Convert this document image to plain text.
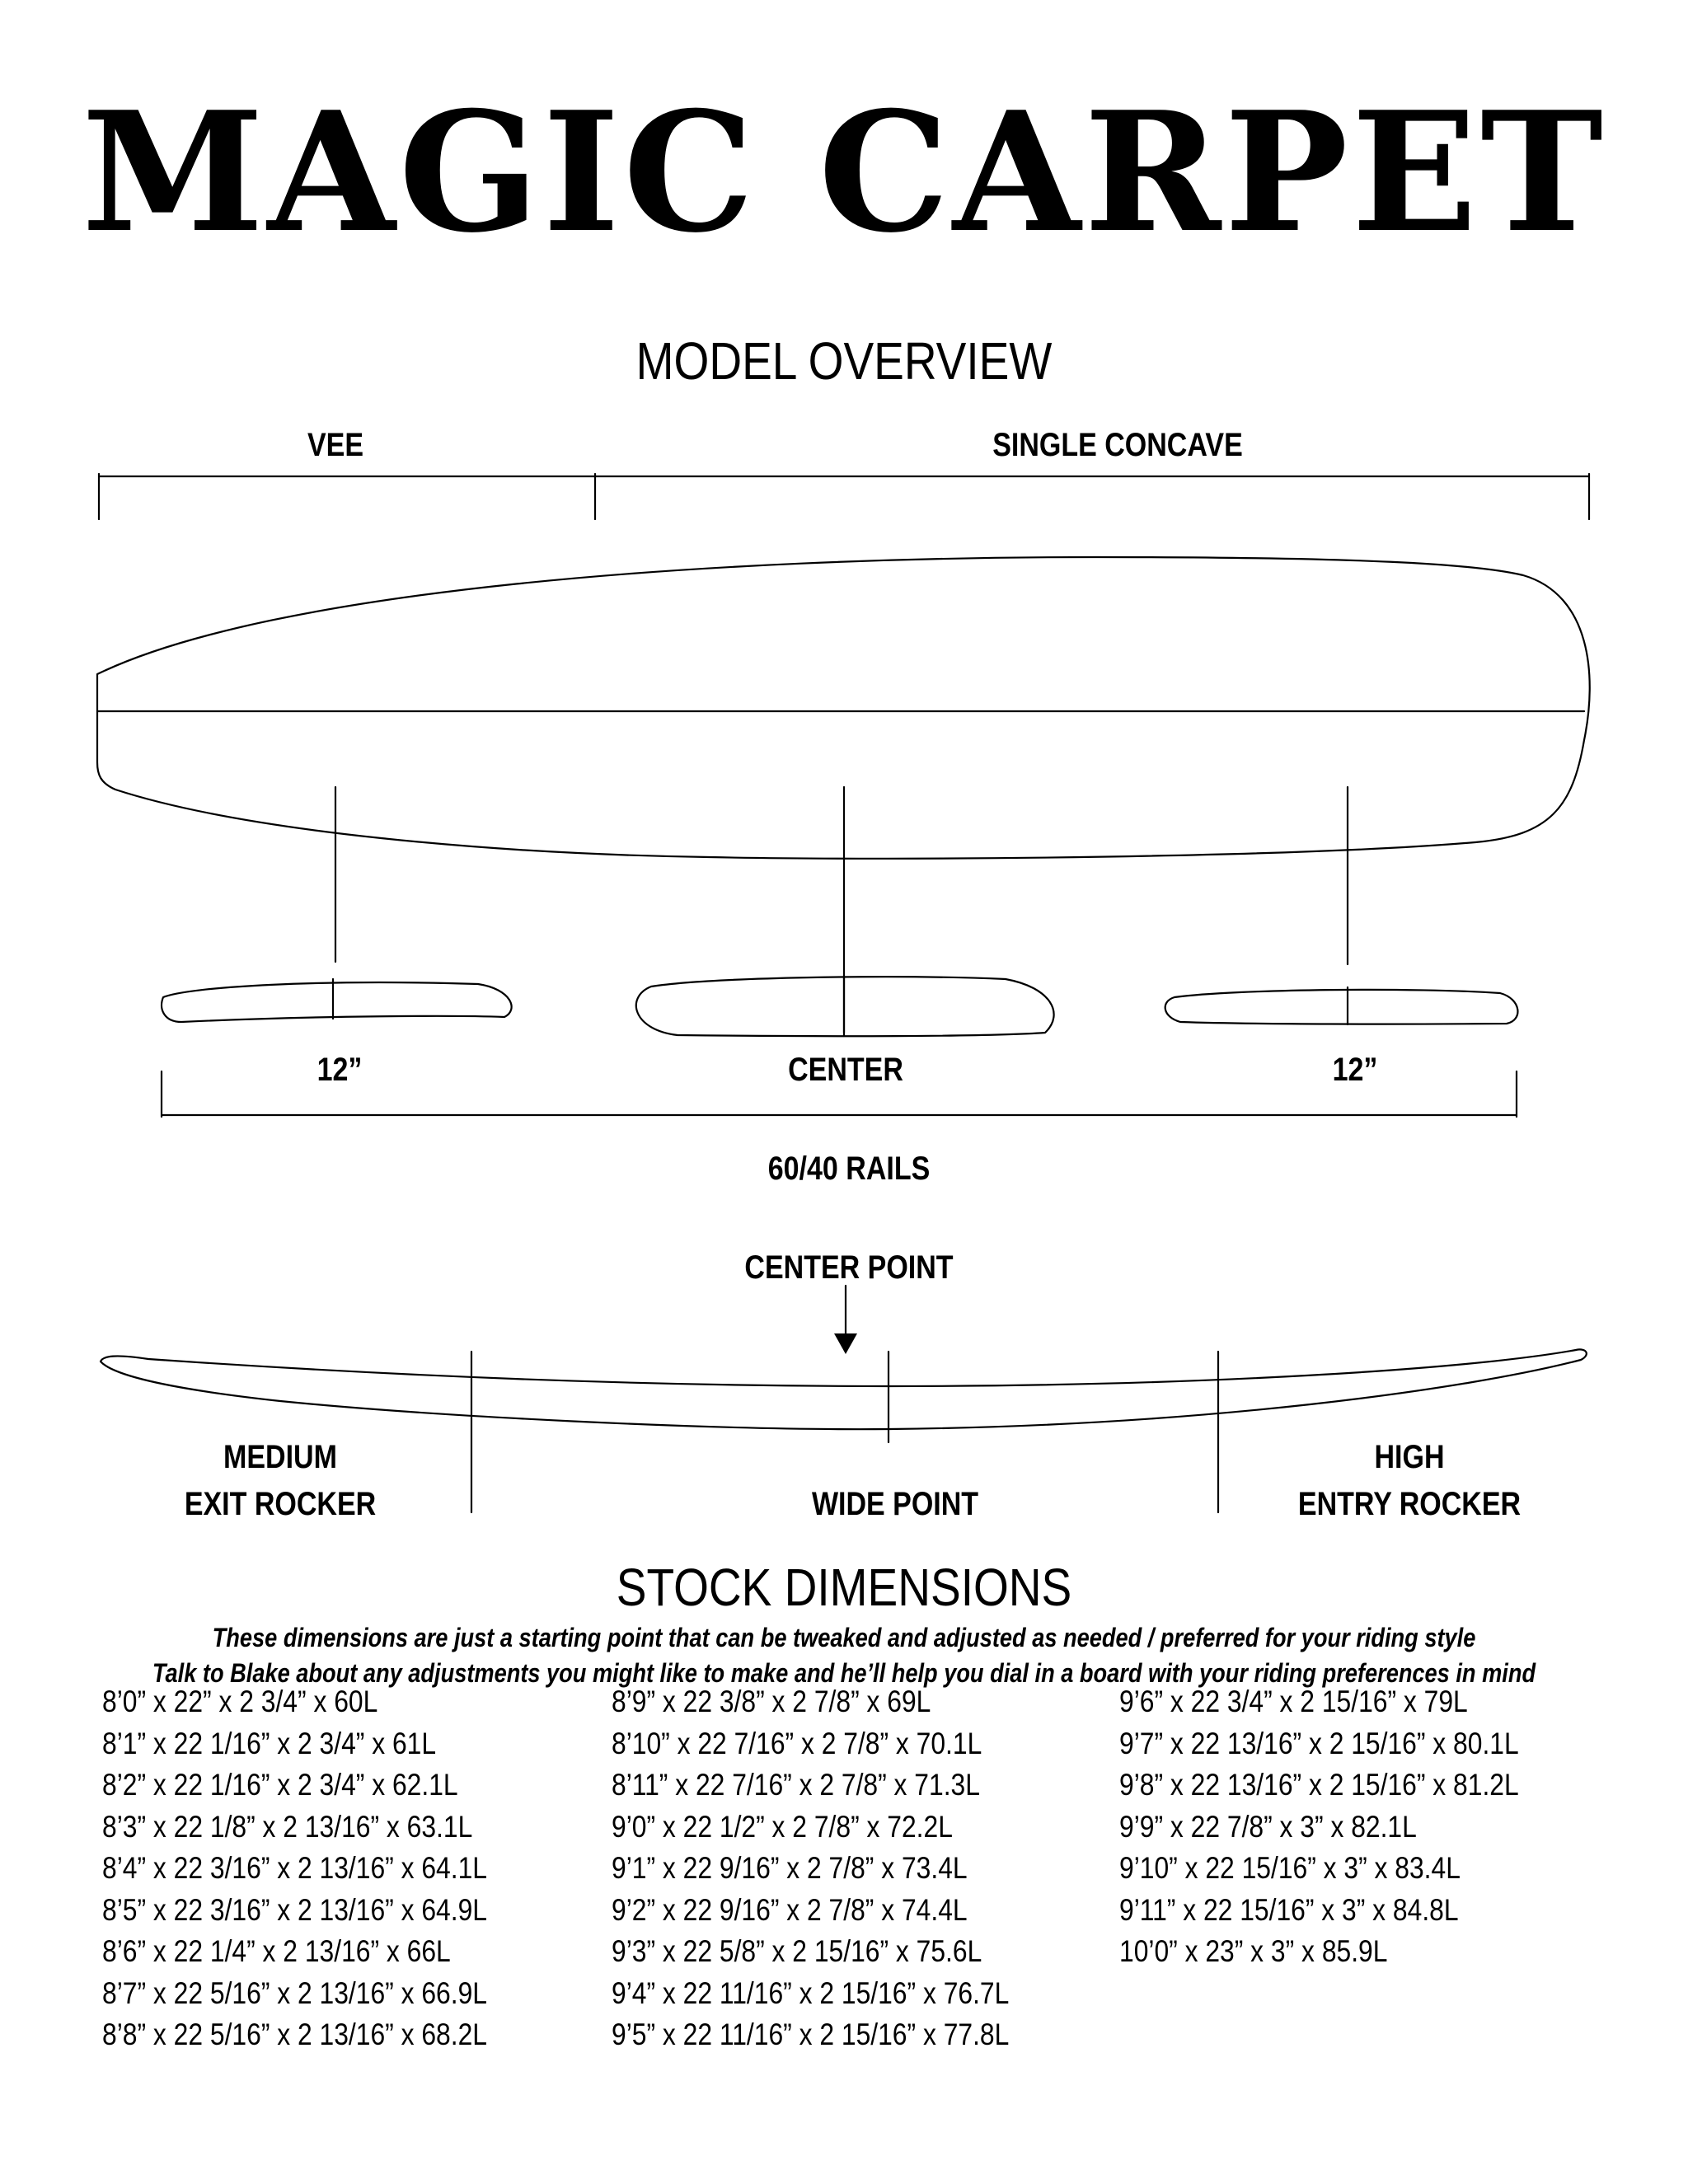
MAGIC CARPET
MODEL OVERVIEW
VEE	SINGLE CONCAVE
12”	CENTER	12”
60/40 RAILS
CENTER POINT
MEDIUM
EXIT ROCKER	WIDE POINT
HIGH
ENTRY ROCKER
STOCK DIMENSIONS
These dimensions are just a starting point that can be tweaked and adjusted as needed / preferred for your riding style
Talk to Blake about any adjustments you might like to make and he’ll help you dial in a board with your riding preferences in mind
8’0” x 22” x 2 3/4” x 60L
8’1” x 22 1/16” x 2 3/4” x 61L
8’2” x 22 1/16” x 2 3/4” x 62.1L
8’3” x 22 1/8” x 2 13/16” x 63.1L
8’4” x 22 3/16” x 2 13/16” x 64.1L
8’5” x 22 3/16” x 2 13/16” x 64.9L
8’6” x 22 1/4” x 2 13/16” x 66L
8’7” x 22 5/16” x 2 13/16” x 66.9L
8’8” x 22 5/16” x 2 13/16” x 68.2L
8’9” x 22 3/8” x 2 7/8” x 69L
8’10” x 22 7/16” x 2 7/8” x 70.1L
8’11” x 22 7/16” x 2 7/8” x 71.3L
9’0” x 22 1/2” x 2 7/8” x 72.2L
9’1” x 22 9/16” x 2 7/8” x 73.4L
9’2” x 22 9/16” x 2 7/8” x 74.4L
9’3” x 22 5/8” x 2 15/16” x 75.6L
9’4” x 22 11/16” x 2 15/16” x 76.7L
9’5” x 22 11/16” x 2 15/16” x 77.8L
9’6” x 22 3/4” x 2 15/16” x 79L
9’7” x 22 13/16” x 2 15/16” x 80.1L
9’8” x 22 13/16” x 2 15/16” x 81.2L
9’9” x 22 7/8” x 3” x 82.1L
9’10” x 22 15/16” x 3” x 83.4L
9’11” x 22 15/16” x 3” x 84.8L
10’0” x 23” x 3” x 85.9L
